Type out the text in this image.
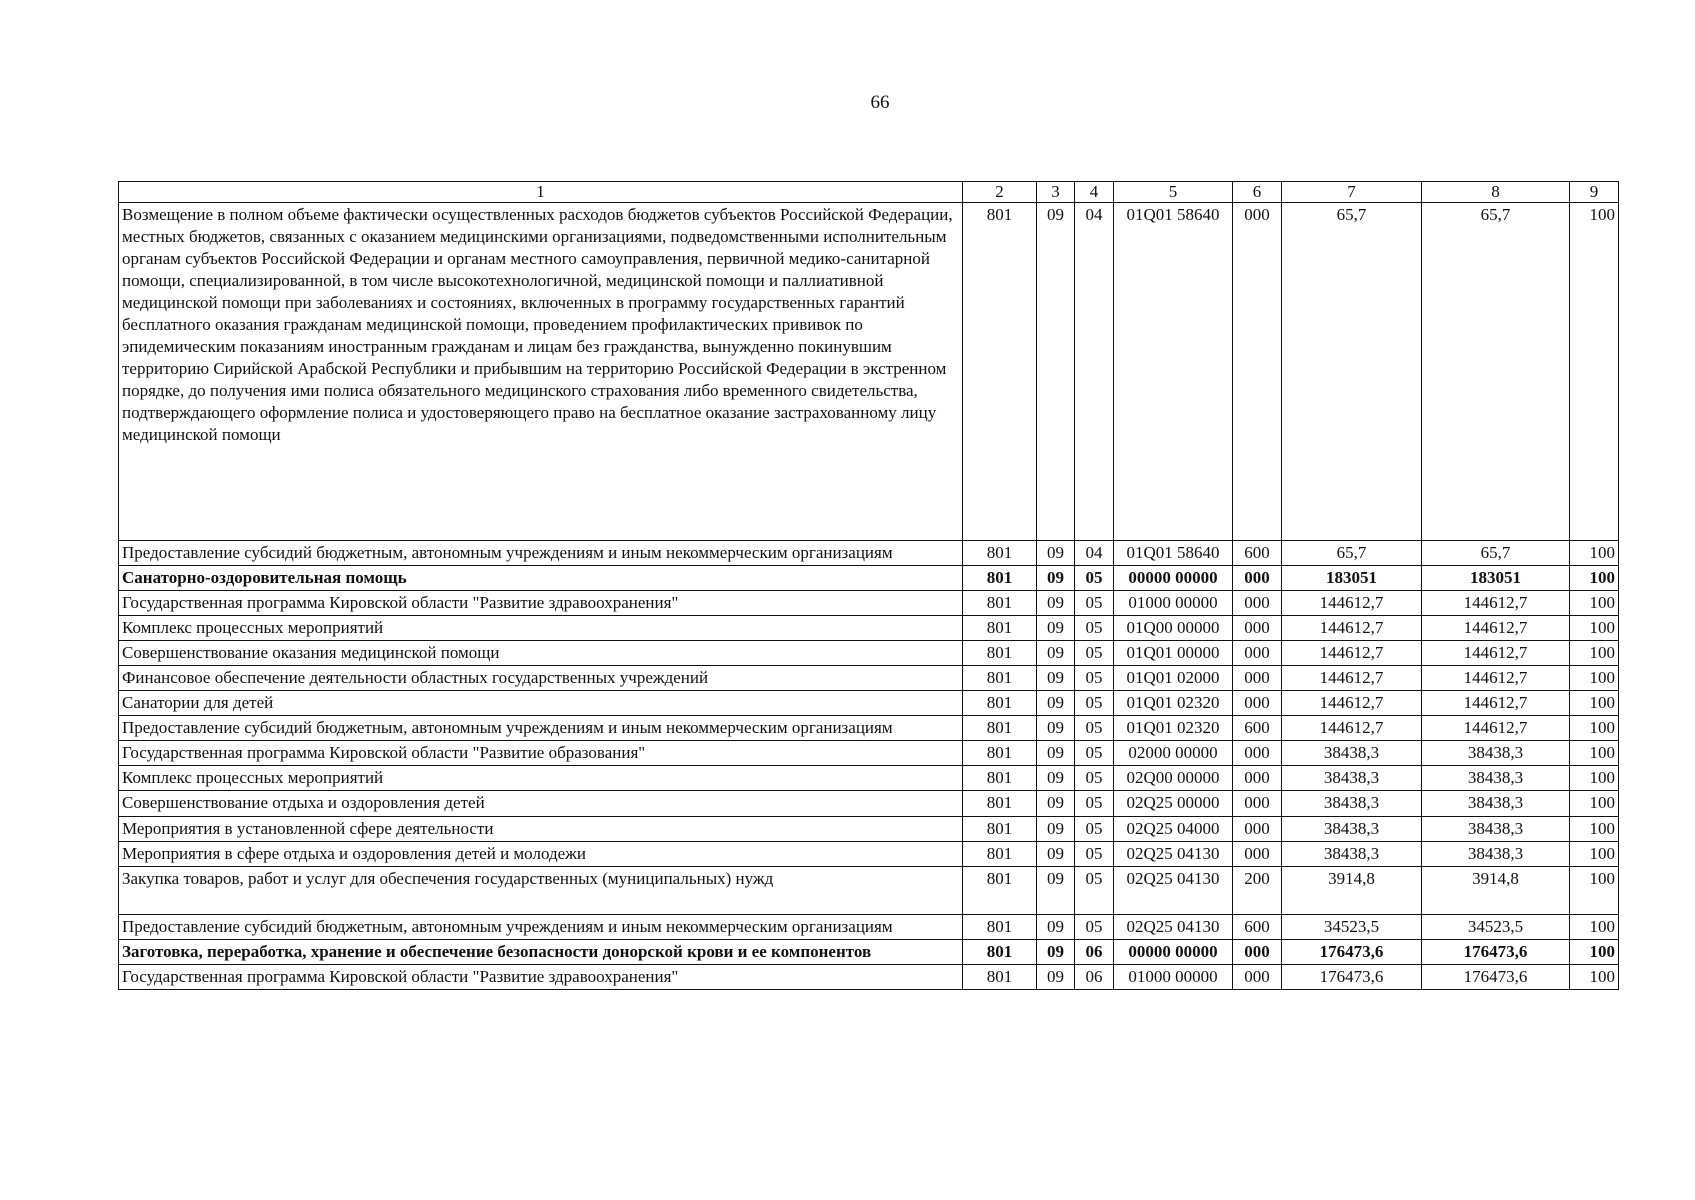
66
1	2	3	4	5	6	7	8	9
Возмещение в полном объеме фактически осуществленных расходов бюджетов субъектов Российской Федерации, местных бюджетов, связанных с оказанием медицинскими организациями, подведомственными исполнительным органам субъектов Российской Федерации и органам местного самоуправления, первичной медико-санитарной помощи, специализированной, в том числе высокотехнологичной, медицинской помощи и паллиативной медицинской помощи при заболеваниях и состояниях, включенных в программу государственных гарантий бесплатного оказания гражданам медицинской помощи, проведением профилактических прививок по эпидемическим показаниям иностранным гражданам и лицам без гражданства, вынужденно покинувшим территорию Сирийской Арабской Республики и прибывшим на территорию Российской Федерации в экстренном порядке, до получения ими полиса обязательного медицинского страхования либо временного свидетельства, подтверждающего оформление полиса и удостоверяющего право на бесплатное оказание застрахованному лицу медицинской помощи	801	09	04	01Q01 58640	000	65,7	65,7	100
Предоставление субсидий бюджетным, автономным учреждениям и иным некоммерческим организациям	801	09	04	01Q01 58640	600	65,7	65,7	100
Санаторно-оздоровительная помощь	801	09	05	00000 00000	000	183051	183051	100
Государственная программа Кировской области "Развитие здравоохранения"	801	09	05	01000 00000	000	144612,7	144612,7	100
Комплекс процессных мероприятий	801	09	05	01Q00 00000	000	144612,7	144612,7	100
Совершенствование оказания медицинской помощи	801	09	05	01Q01 00000	000	144612,7	144612,7	100
Финансовое обеспечение деятельности областных государственных учреждений	801	09	05	01Q01 02000	000	144612,7	144612,7	100
Санатории для детей	801	09	05	01Q01 02320	000	144612,7	144612,7	100
Предоставление субсидий бюджетным, автономным учреждениям и иным некоммерческим организациям	801	09	05	01Q01 02320	600	144612,7	144612,7	100
Государственная программа Кировской области "Развитие образования"	801	09	05	02000 00000	000	38438,3	38438,3	100
Комплекс процессных мероприятий	801	09	05	02Q00 00000	000	38438,3	38438,3	100
Совершенствование отдыха и оздоровления детей	801	09	05	02Q25 00000	000	38438,3	38438,3	100
Мероприятия в установленной сфере деятельности	801	09	05	02Q25 04000	000	38438,3	38438,3	100
Мероприятия в сфере отдыха и оздоровления детей и молодежи	801	09	05	02Q25 04130	000	38438,3	38438,3	100
Закупка товаров, работ и услуг для обеспечения государственных (муниципальных) нужд	801	09	05	02Q25 04130	200	3914,8	3914,8	100
Предоставление субсидий бюджетным, автономным учреждениям и иным некоммерческим организациям	801	09	05	02Q25 04130	600	34523,5	34523,5	100
Заготовка, переработка, хранение и обеспечение безопасности донорской крови и ее компонентов	801	09	06	00000 00000	000	176473,6	176473,6	100
Государственная программа Кировской области "Развитие здравоохранения"	801	09	06	01000 00000	000	176473,6	176473,6	100
